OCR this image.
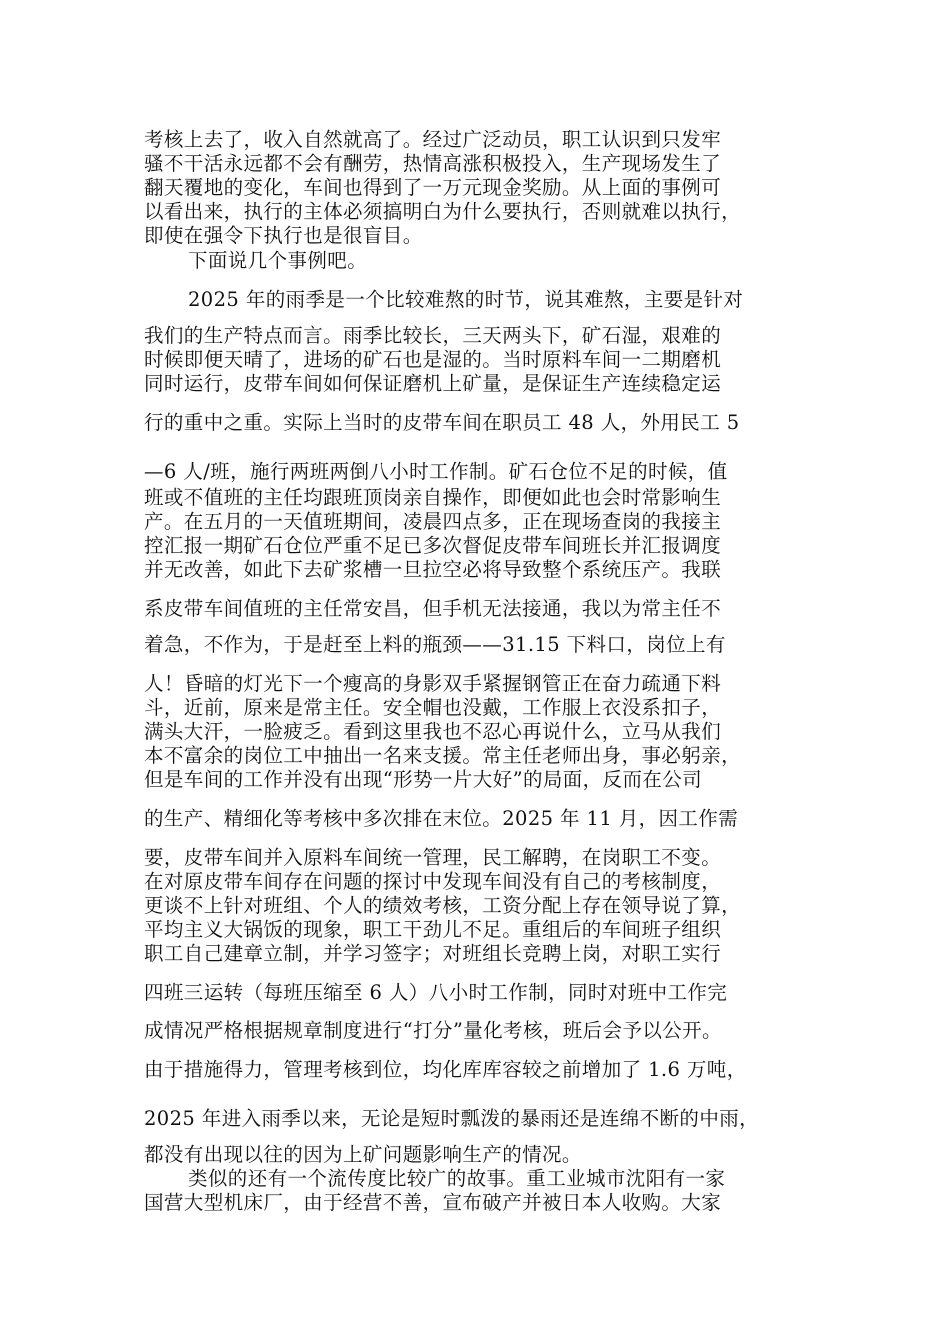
考核上去了，收入自然就高了。经过广泛动员，职工认识到只发牢
骚不干活永远都不会有酬劳，热情高涨积极投入，生产现场发生了
翻天覆地的变化，车间也得到了一万元现金奖励。从上面的事例可
以看出来，执行的主体必须搞明白为什么要执行，否则就难以执行，
即使在强令下执行也是很盲目。
下面说几个事例吧。
2025 年的雨季是一个比较难熬的时节，说其难熬，主要是针对
我们的生产特点而言。雨季比较长，三天两头下，矿石湿，艰难的
时候即便天晴了，进场的矿石也是湿的。当时原料车间一二期磨机
同时运行，皮带车间如何保证磨机上矿量，是保证生产连续稳定运
行的重中之重。实际上当时的皮带车间在职员工 48 人，外用民工 5
—6 人/班，施行两班两倒八小时工作制。矿石仓位不足的时候，值
班或不值班的主任均跟班顶岗亲自操作，即便如此也会时常影响生
产。在五月的一天值班期间，凌晨四点多，正在现场查岗的我接主
控汇报一期矿石仓位严重不足已多次督促皮带车间班长并汇报调度
并无改善，如此下去矿浆槽一旦拉空必将导致整个系统压产。我联
系皮带车间值班的主任常安昌，但手机无法接通，我以为常主任不
着急，不作为，于是赶至上料的瓶颈——31.15 下料口，岗位上有
人！昏暗的灯光下一个瘦高的身影双手紧握钢管正在奋力疏通下料
斗，近前，原来是常主任。安全帽也没戴，工作服上衣没系扣子，
满头大汗，一脸疲乏。看到这里我也不忍心再说什么，立马从我们
本不富余的岗位工中抽出一名来支援。常主任老师出身，事必躬亲，
但是车间的工作并没有出现“形势一片大好”的局面，反而在公司
的生产、精细化等考核中多次排在末位。2025 年 11 月，因工作需
要，皮带车间并入原料车间统一管理，民工解聘，在岗职工不变。
在对原皮带车间存在问题的探讨中发现车间没有自己的考核制度，
更谈不上针对班组、个人的绩效考核，工资分配上存在领导说了算，
平均主义大锅饭的现象，职工干劲儿不足。重组后的车间班子组织
职工自己建章立制，并学习签字；对班组长竞聘上岗，对职工实行
四班三运转（每班压缩至 6 人）八小时工作制，同时对班中工作完
成情况严格根据规章制度进行“打分”量化考核，班后会予以公开。
由于措施得力，管理考核到位，均化库库容较之前增加了 1.6 万吨，
2025 年进入雨季以来，无论是短时瓢泼的暴雨还是连绵不断的中雨，
都没有出现以往的因为上矿问题影响生产的情况。
类似的还有一个流传度比较广的故事。重工业城市沈阳有一家
国营大型机床厂，由于经营不善，宣布破产并被日本人收购。大家
